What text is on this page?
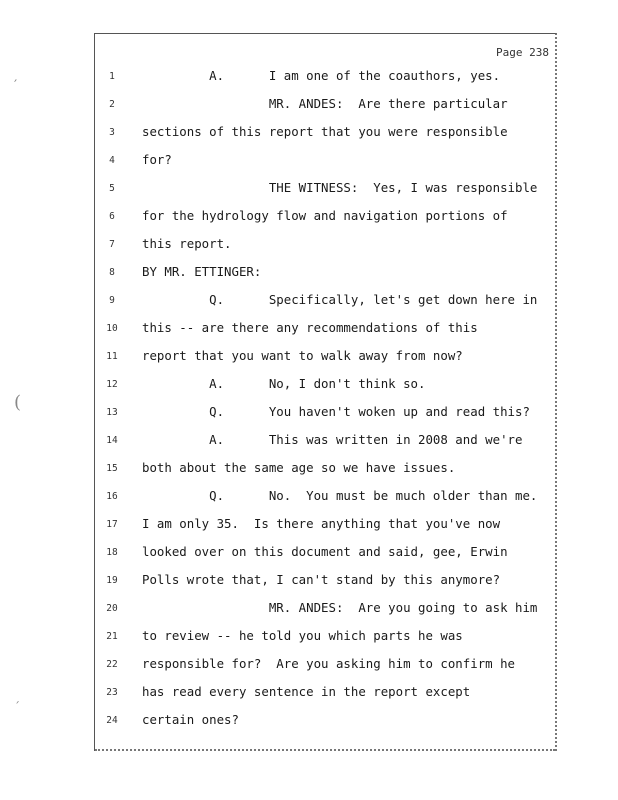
Page 238
′
(
´
1	A.      I am one of the coauthors, yes.
2	MR. ANDES:  Are there particular
3	sections of this report that you were responsible
4	for?
5	THE WITNESS:  Yes, I was responsible
6	for the hydrology flow and navigation portions of
7	this report.
8	BY MR. ETTINGER:
9	Q.      Specifically, let's get down here in
10	this -- are there any recommendations of this
11	report that you want to walk away from now?
12	A.      No, I don't think so.
13	Q.      You haven't woken up and read this?
14	A.      This was written in 2008 and we're
15	both about the same age so we have issues.
16	Q.      No.  You must be much older than me.
17	I am only 35.  Is there anything that you've now
18	looked over on this document and said, gee, Erwin
19	Polls wrote that, I can't stand by this anymore?
20	MR. ANDES:  Are you going to ask him
21	to review -- he told you which parts he was
22	responsible for?  Are you asking him to confirm he
23	has read every sentence in the report except
24	certain ones?
